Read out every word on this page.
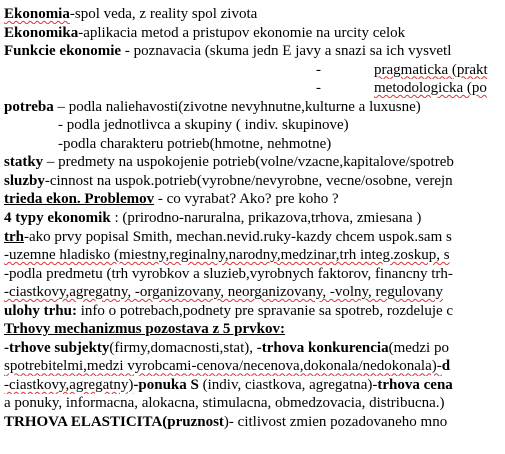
Ekonomia-spol veda, z reality spol zivota
Ekonomika-aplikacia metod a pristupov ekonomie na urcity celok
Funkcie ekonomie - poznavacia (skuma jedn E javy a snazi sa ich vysvetl
-	pragmaticka (prakt
-	metodologicka (po
potreba – podla naliehavosti(zivotne nevyhnutne,kulturne a luxusne)
- podla jednotlivca a skupiny ( indiv. skupinove)
-podla charakteru potrieb(hmotne, nehmotne)
statky – predmety na uspokojenie potrieb(volne/vzacne,kapitalove/spotreb
sluzby-cinnost na uspok.potrieb(vyrobne/nevyrobne, vecne/osobne, verejn
trieda ekon. Problemov - co vyrabat? Ako? pre koho ?
4 typy ekonomik : (prirodno-naruralna, prikazova,trhova, zmiesana )
trh-ako prvy popisal Smith, mechan.nevid.ruky-kazdy chcem uspok.sam s
-uzemne hladisko (miestny,reginalny,narodny,medzinar,trh integ.zoskup, s
-podla predmetu (trh vyrobkov a sluzieb,vyrobnych faktorov, financny trh-
-ciastkovy,agregatny, -organizovany, neorganizovany, -volny, regulovany
ulohy trhu: info o potrebach,podnety pre spravanie sa spotreb, rozdeluje c
Trhovy mechanizmus pozostava z 5 prvkov:
-trhove subjekty(firmy,domacnosti,stat), -trhova konkurencia(medzi po
spotrebitelmi,medzi vyrobcami-cenova/necenova,dokonala/nedokonala)-d
-ciastkovy,agregatny)-ponuka S (indiv, ciastkova, agregatna)-trhova cena
a ponuky, informacna, alokacna, stimulacna, obmedzovacia, distribucna.)
TRHOVA ELASTICITA(pruznost)- citlivost zmien pozadovaneho mno
